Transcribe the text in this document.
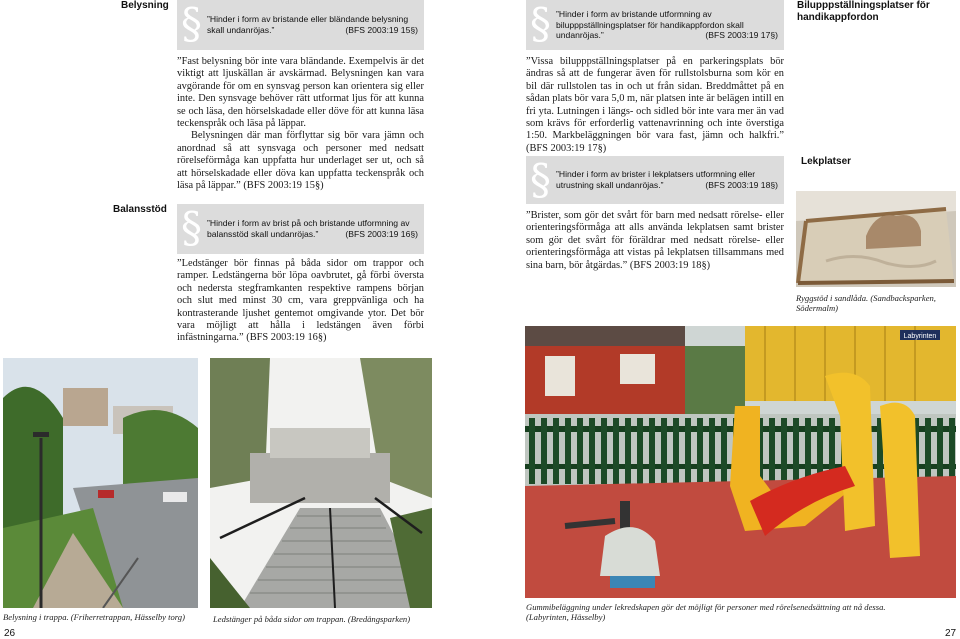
Belysning § ”Hinder i form av bristande eller bländande belysning skall undanröjas.”	(BFS 2003:19 15§)

”Fast belysning bör inte vara bländande. Exempelvis är det viktigt att ljuskällan är avskärmad. Belysningen kan vara avgörande för om en synsvag person kan orientera sig eller inte. Den synsvage behöver rätt utformat ljus för att kunna se och läsa, den hörselskadade eller döve för att kunna läsa teckenspråk och läsa på läppar.

Belysningen där man förflyttar sig bör vara jämn och anordnad så att synsvaga och personer med nedsatt rörelseförmåga kan uppfatta hur underlaget ser ut, och så att hörselskadade eller döva kan uppfatta teckenspråk och läsa på läppar.” (BFS 2003:19 15§)

Balansstöd § ”Hinder i form av brist på och bristande utformning av balansstöd skall undanröjas.”	(BFS 2003:19 16§)

”Ledstänger bör finnas på båda sidor om trappor och ramper. Ledstängerna bör löpa oavbrutet, gå förbi översta och nedersta stegframkanten respektive rampens början och slut med minst 30 cm, vara greppvänliga och ha kontrasterande ljushet gentemot omgivande ytor. Det bör vara möjligt att hålla i ledstängen även förbi infästningarna.” (BFS 2003:19 16§)

Belysning i trappa. (Friherretrappan, Hässelby torg)	Ledstänger på båda sidor om trappan. (Bredängsparken)
26
§ ”Hinder i form av bristande utformning av bilupppställningsplatser för handikappfordon skall undanröjas.”	(BFS 2003:19 17§)
Bilupppställningsplatser för handikappfordon

”Vissa bilupppställningsplatser på en parkeringsplats bör ändras så att de fungerar även för rullstolsburna som kör en bil där rullstolen tas in och ut från sidan. Breddmåttet på en sådan plats bör vara 5,0 m, när platsen inte är belägen intill en fri yta. Lutningen i längs- och sidled bör inte vara mer än vad som krävs för erforderlig vattenavrinning och inte överstiga 1:50. Markbeläggningen bör vara fast, jämn och halkfri.” (BFS 2003:19 17§)

§ ”Hinder i form av brister i lekplatsers utformning eller utrustning skall undanröjas.”	(BFS 2003:19 18§)
Lekplatser

”Brister, som gör det svårt för barn med nedsatt rörelse- eller orienteringsförmåga att alls använda lekplatsen samt brister som gör det svårt för föräldrar med nedsatt rörelse- eller orienteringsförmåga att vistas på lekplatsen tillsammans med sina barn, bör åtgärdas.” (BFS 2003:19 18§)

Ryggstöd i sandlåda. (Sandbacksparken, Södermalm)
Labyrinten
Gummibeläggning under lekredskapen gör det möjligt för personer med rörelsenedsättning att nå dessa. (Labyrinten, Hässelby)
27
